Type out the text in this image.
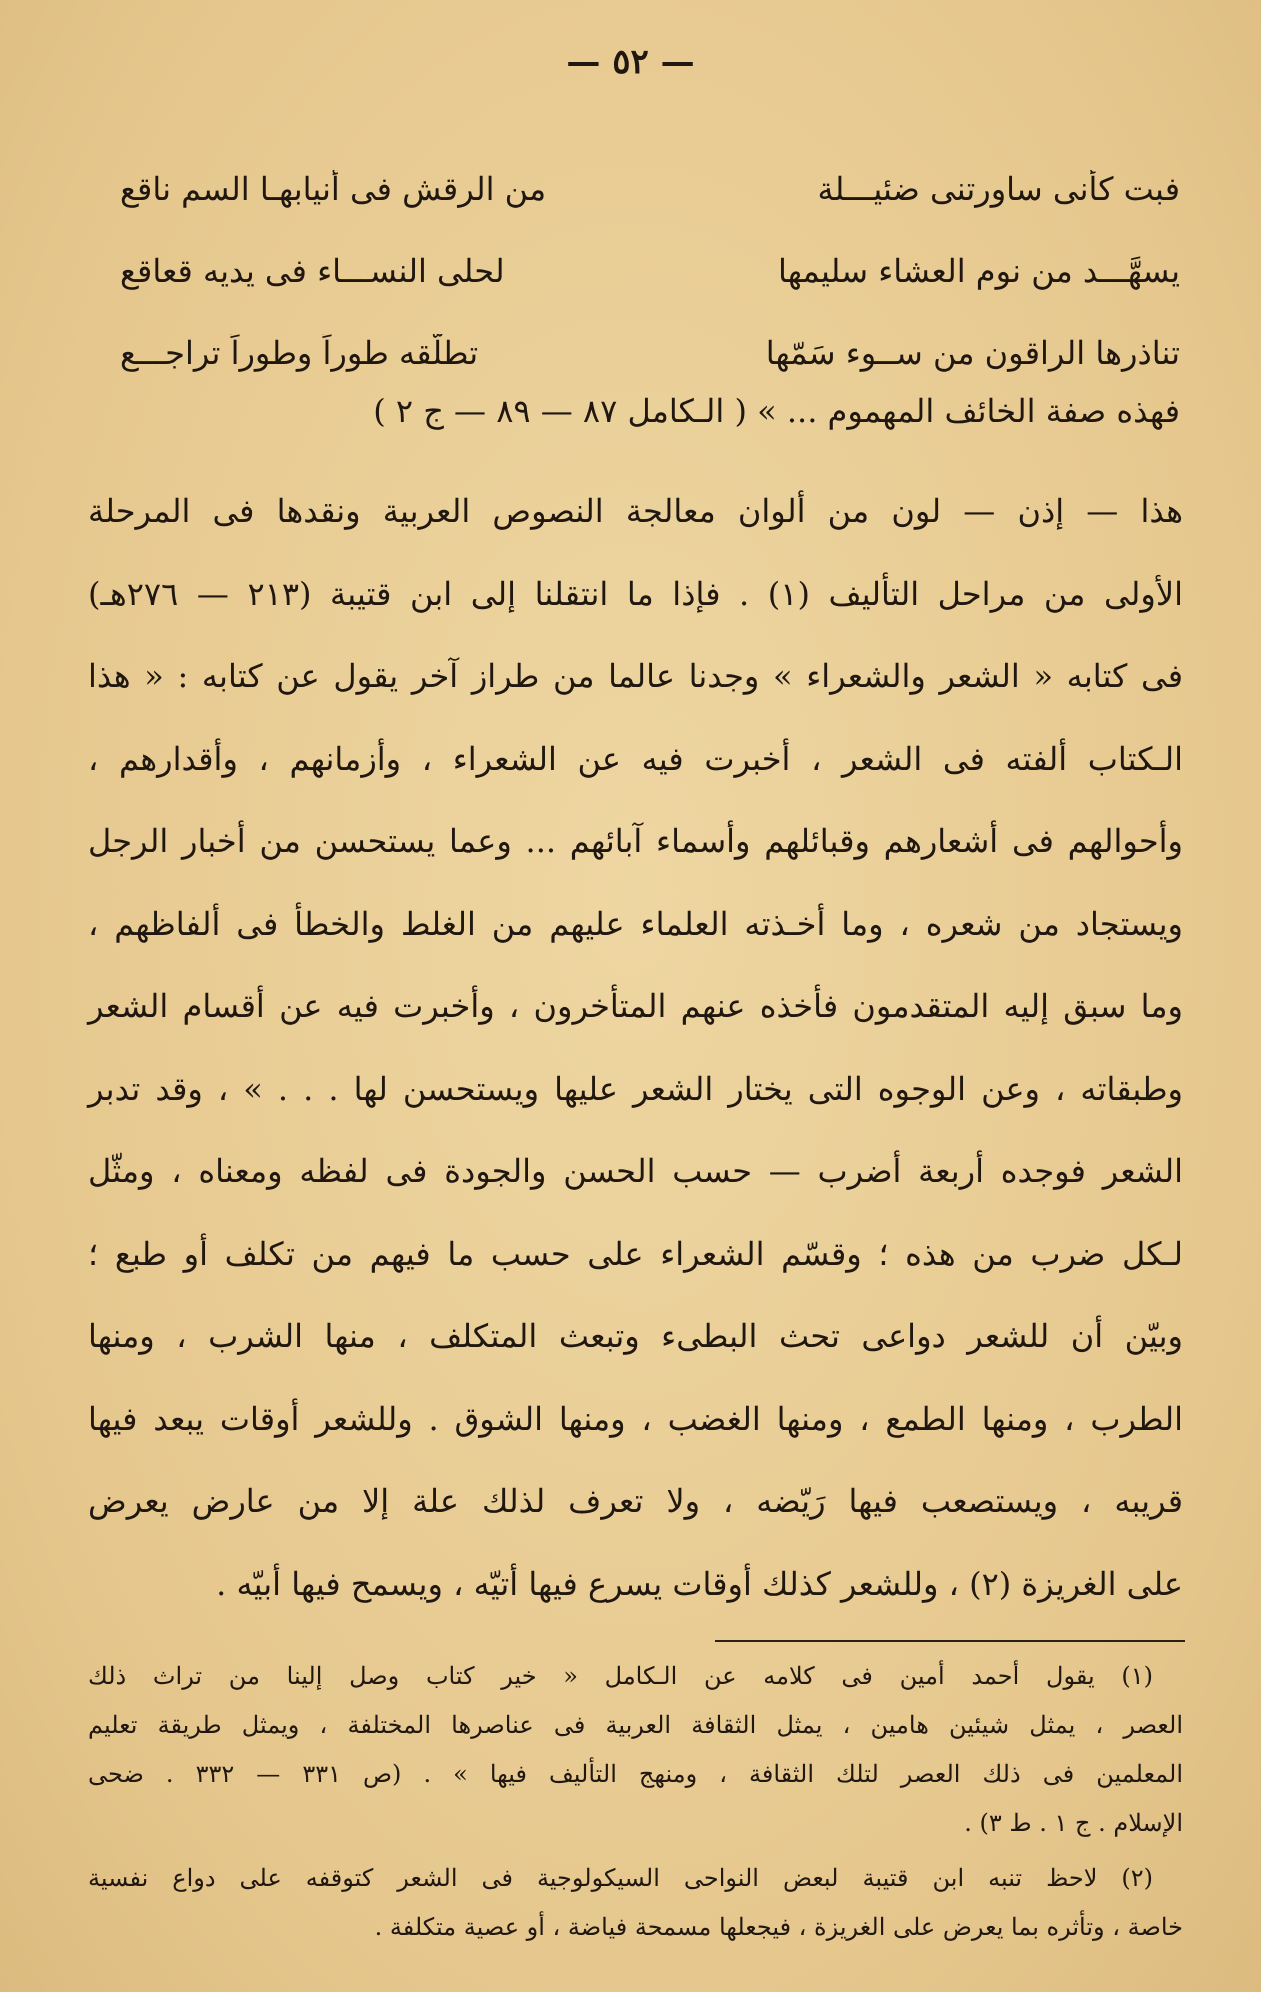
— ٥٢ —
فبت كأنى ساورتنى ضئيـــلة
من الرقش فى أنيابهـا السم ناقع
يسهَّـــد من نوم العشاء سليمها
لحلى النســـاء فى يديه قعاقع
تناذرها الراقون من ســوء سَمّها
تطلّقه طوراً وطوراً تراجـــع
فهذه صفة الخائف المهموم ... » ( الـكامل ٨٧ — ٨٩ — ج ٢ )
هذا — إذن — لون من ألوان معالجة النصوص العربية ونقدها فى المرحلة
الأولى من مراحل التأليف (١) . فإذا ما انتقلنا إلى ابن قتيبة (٢١٣ — ٢٧٦هـ)
فى كتابه « الشعر والشعراء » وجدنا عالما من طراز آخر يقول عن كتابه : « هذا
الـكتاب ألفته فى الشعر ، أخبرت فيه عن الشعراء ، وأزمانهم ، وأقدارهم ،
وأحوالهم فى أشعارهم وقبائلهم وأسماء آبائهم ... وعما يستحسن من أخبار الرجل
ويستجاد من شعره ، وما أخـذته العلماء عليهم من الغلط والخطأ فى ألفاظهم ،
وما سبق إليه المتقدمون فأخذه عنهم المتأخرون ، وأخبرت فيه عن أقسام الشعر
وطبقاته ، وعن الوجوه التى يختار الشعر عليها ويستحسن لها . . . » ، وقد تدبر
الشعر فوجده أربعة أضرب — حسب الحسن والجودة فى لفظه ومعناه ، ومثّل
لـكل ضرب من هذه ؛ وقسّم الشعراء على حسب ما فيهم من تكلف أو طبع ؛
وبيّن أن للشعر دواعى تحث البطىء وتبعث المتكلف ، منها الشرب ، ومنها
الطرب ، ومنها الطمع ، ومنها الغضب ، ومنها الشوق . وللشعر أوقات يبعد فيها
قريبه ، ويستصعب فيها رَيّضه ، ولا تعرف لذلك علة إلا من عارض يعرض
على الغريزة (٢) ، وللشعر كذلك أوقات يسرع فيها أتيّه ، ويسمح فيها أبيّه .
(١) يقول أحمد أمين فى كلامه عن الـكامل « خير كتاب وصل إلينا من تراث ذلك
العصر ، يمثل شيئين هامين ، يمثل الثقافة العربية فى عناصرها المختلفة ، ويمثل طريقة تعليم
المعلمين فى ذلك العصر لتلك الثقافة ، ومنهج التأليف فيها » . (ص ٣٣١ — ٣٣٢ . ضحى
الإسلام . ج ١ . ط ٣) .
(٢) لاحظ تنبه ابن قتيبة لبعض النواحى السيكولوجية فى الشعر كتوقفه على دواع نفسية
خاصة ، وتأثره بما يعرض على الغريزة ، فيجعلها مسمحة فياضة ، أو عصية متكلفة .
